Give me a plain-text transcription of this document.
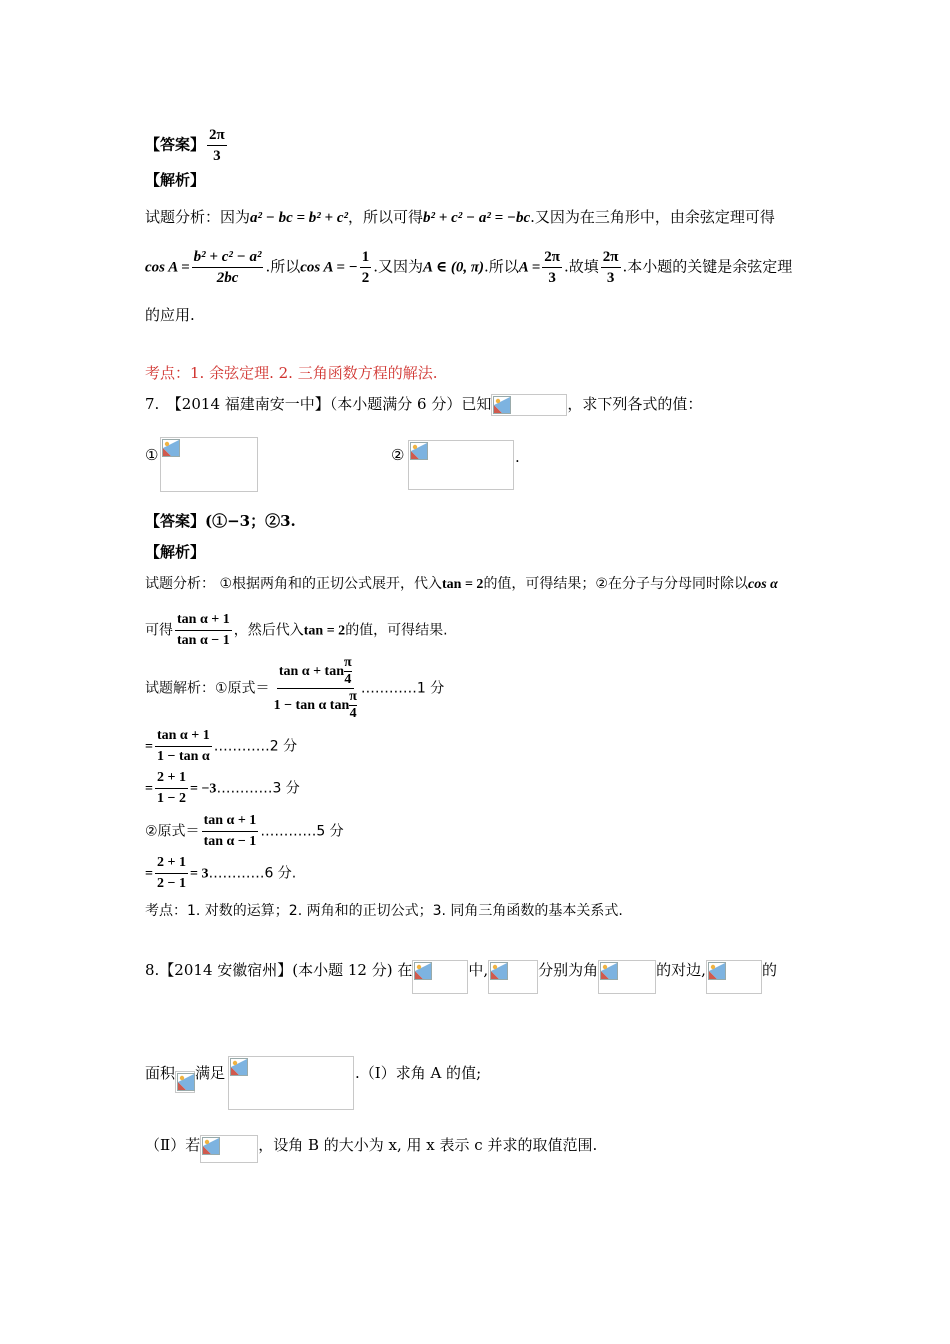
【答案】 $\frac{2\pi}{3}$
【解析】
试题分析：因为a² − bc = b² + c²，所以可得b² + c² − a² = −bc.又因为在三角形中，由余弦定理可得
$\cos A = \frac{\text{b² + c² − a²}}{2bc}$ .所以cos A = − $\frac{1}{2}$ .又因为A ∈ (0, π).所以$A = \frac{2\pi}{3}$ .故填 $\frac{2\pi}{3}$ .本小题的关键是余弦定理
的应用.
考点：1. 余弦定理. 2. 三角函数方程的解法.
7.　【2014 福建南安一中】（本小题满分 6 分）已知	，求下列各式的值：
①	②	.
【答案】(①−3；②3.
【解析】
试题分析： ①根据两角和的正切公式展开，代入tan = 2的值，可得结果；②在分子与分母同时除以cos α
可得 $\frac{\text{tan α + 1}}{\text{tan α − 1}}$ ，然后代入tan = 2的值，可得结果.
试题解析：①原式＝ tan α + tan
π
4
1 − tan α tan
π
4 …………1 分
= $\frac{\text{tan α + 1}}{\text{1 − tan α}}$ …………2 分
= $\frac{2 + 1}{1 - 2}$ = −3…………3 分
②原式＝ $\frac{\text{tan α + 1}}{\text{tan α − 1}}$ …………5 分
= $\frac{2 + 1}{2 - 1}$ = 3…………6 分.
考点：1. 对数的运算；2. 两角和的正切公式；3. 同角三角函数的基本关系式.
8.【2014 安徽宿州】(本小题 12 分) 在	中,	分别为角	的对边,	的
面积 满足	.（Ⅰ）求角 A 的值;
（Ⅱ）若	，设角 B 的大小为 x, 用 x 表示 c 并求的取值范围.
